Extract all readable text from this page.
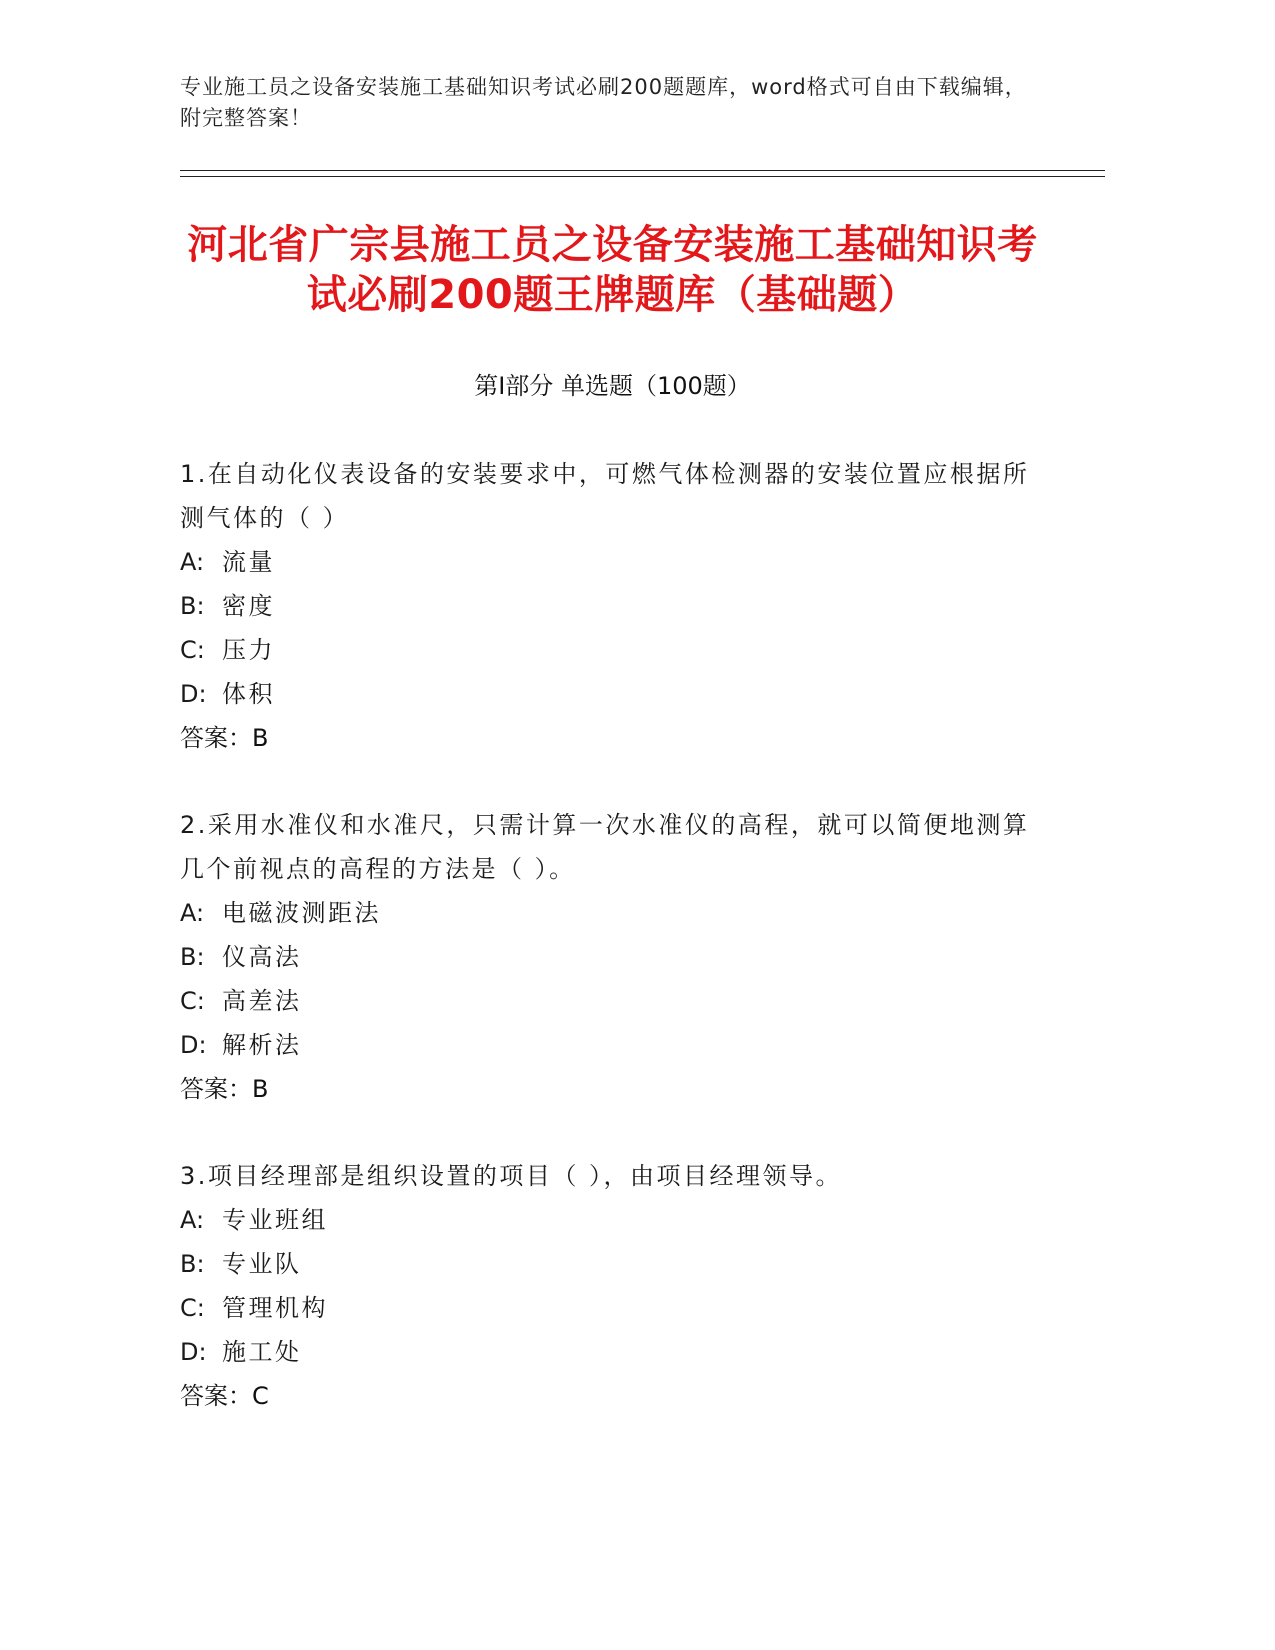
专业施工员之设备安装施工基础知识考试必刷200题题库，word格式可自由下载编辑，附完整答案！
河北省广宗县施工员之设备安装施工基础知识考试必刷200题王牌题库（基础题）
第I部分 单选题（100题）
1.在自动化仪表设备的安装要求中，可燃气体检测器的安装位置应根据所测气体的（ ）
A: 流量
B: 密度
C: 压力
D: 体积
答案：B
2.采用水准仪和水准尺，只需计算一次水准仪的高程，就可以简便地测算几个前视点的高程的方法是（ ）。
A: 电磁波测距法
B: 仪高法
C: 高差法
D: 解析法
答案：B
3.项目经理部是组织设置的项目（ ），由项目经理领导。
A: 专业班组
B: 专业队
C: 管理机构
D: 施工处
答案：C
